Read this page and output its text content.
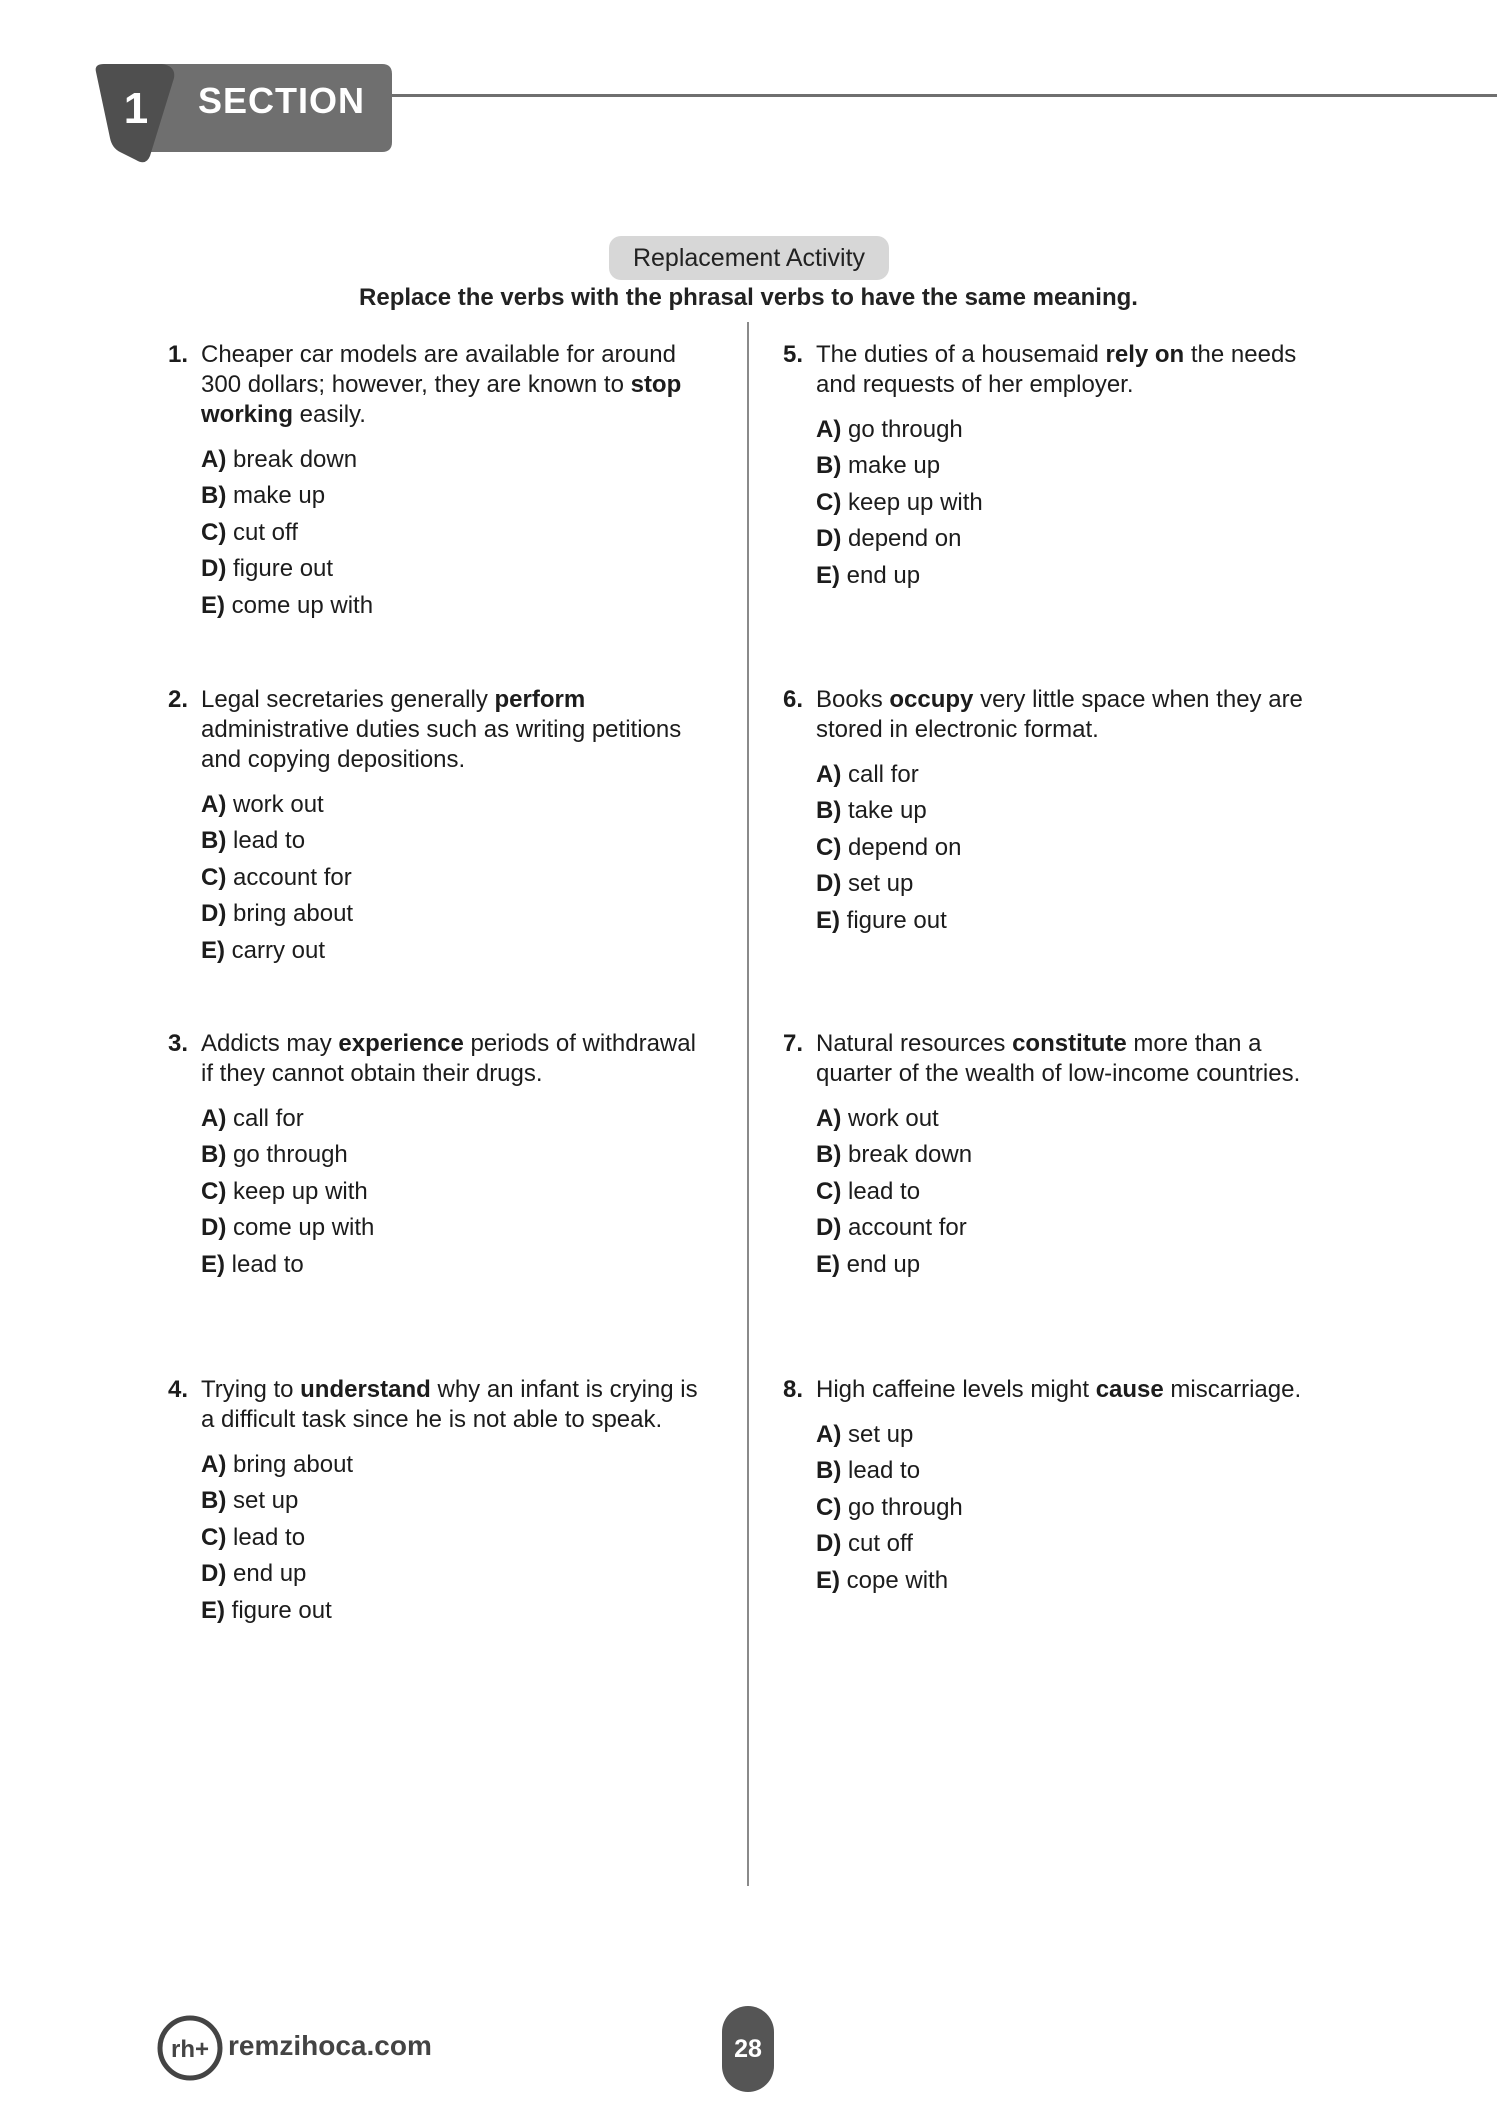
1 SECTION
Replacement Activity
Replace the verbs with the phrasal verbs to have the same meaning.
1. Cheaper car models are available for around 300 dollars; however, they are known to stop working easily.
A) break down
B) make up
C) cut off
D) figure out
E) come up with
2. Legal secretaries generally perform administrative duties such as writing petitions and copying depositions.
A) work out
B) lead to
C) account for
D) bring about
E) carry out
3. Addicts may experience periods of withdrawal if they cannot obtain their drugs.
A) call for
B) go through
C) keep up with
D) come up with
E) lead to
4. Trying to understand why an infant is crying is a difficult task since he is not able to speak.
A) bring about
B) set up
C) lead to
D) end up
E) figure out
5. The duties of a housemaid rely on the needs and requests of her employer.
A) go through
B) make up
C) keep up with
D) depend on
E) end up
6. Books occupy very little space when they are stored in electronic format.
A) call for
B) take up
C) depend on
D) set up
E) figure out
7. Natural resources constitute more than a quarter of the wealth of low-income countries.
A) work out
B) break down
C) lead to
D) account for
E) end up
8. High caffeine levels might cause miscarriage.
A) set up
B) lead to
C) go through
D) cut off
E) cope with
rh+ remzihoca.com	28
